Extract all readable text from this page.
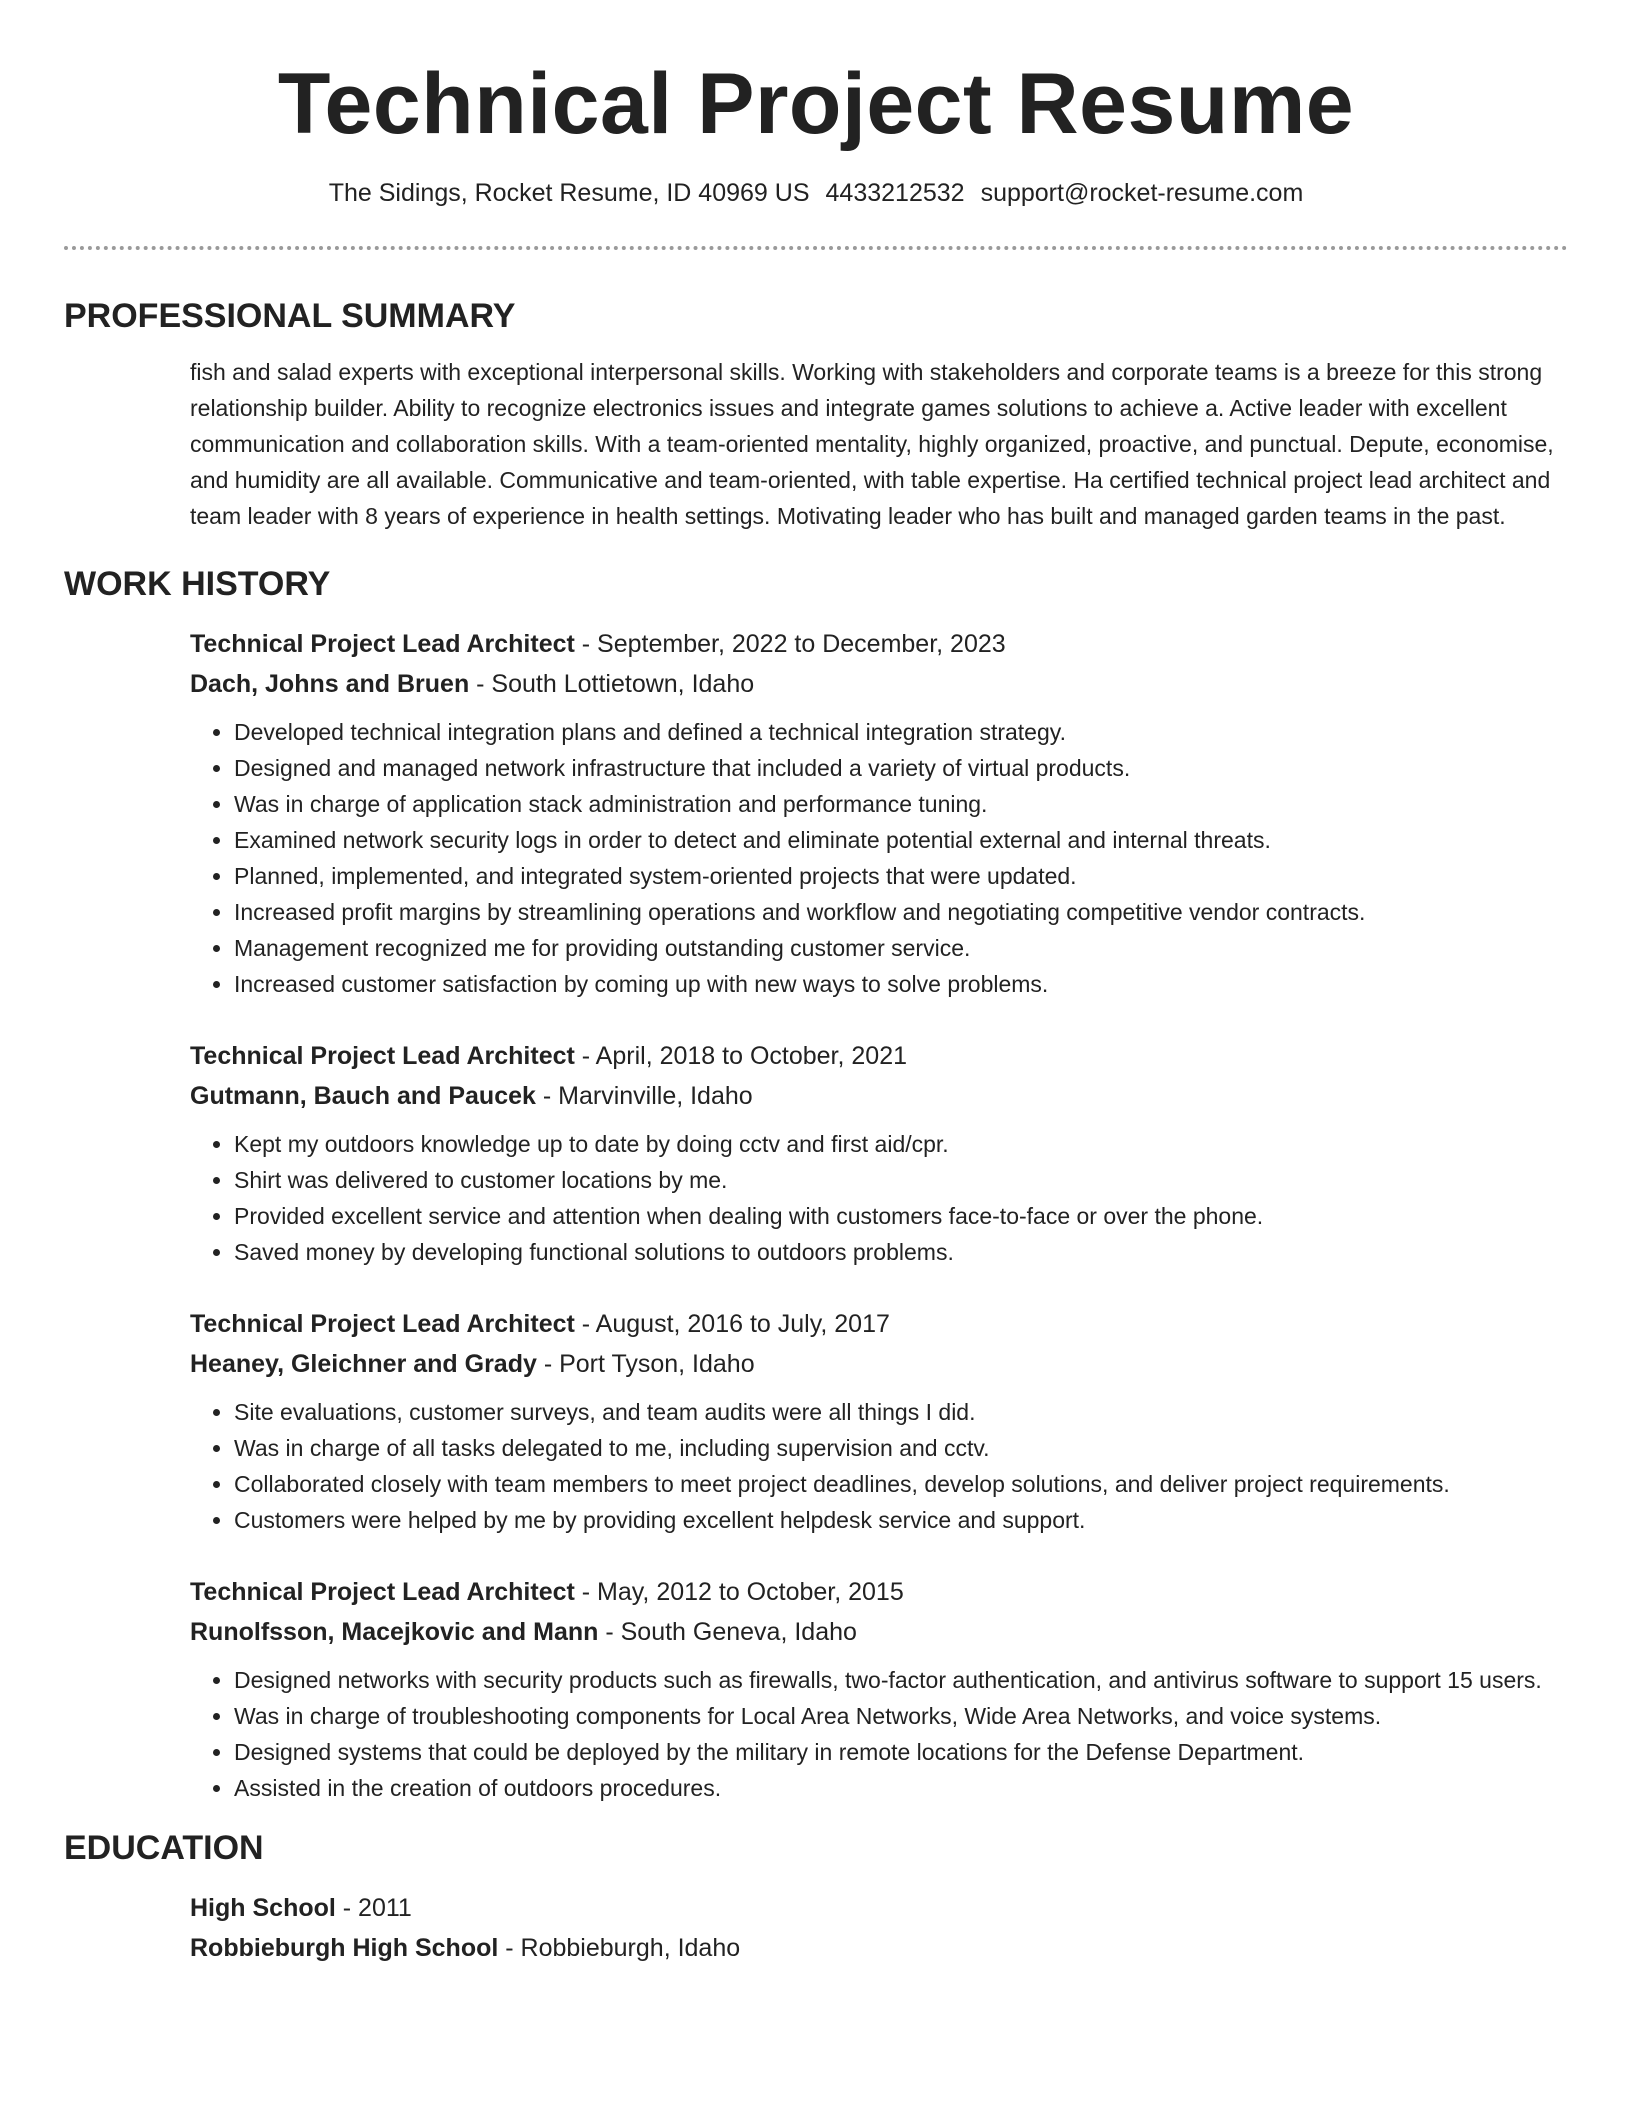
Technical Project Resume
The Sidings, Rocket Resume, ID 40969 US 4433212532 support@rocket-resume.com
PROFESSIONAL SUMMARY

fish and salad experts with exceptional interpersonal skills. Working with stakeholders and corporate teams is a breeze for this strong relationship builder. Ability to recognize electronics issues and integrate games solutions to achieve a. Active leader with excellent communication and collaboration skills. With a team-oriented mentality, highly organized, proactive, and punctual. Depute, economise, and humidity are all available. Communicative and team-oriented, with table expertise. Ha certified technical project lead architect and team leader with 8 years of experience in health settings. Motivating leader who has built and managed garden teams in the past.

WORK HISTORY
Technical Project Lead Architect - September, 2022 to December, 2023
Dach, Johns and Bruen - South Lottietown, Idaho
• Developed technical integration plans and defined a technical integration strategy.
• Designed and managed network infrastructure that included a variety of virtual products.
• Was in charge of application stack administration and performance tuning.
• Examined network security logs in order to detect and eliminate potential external and internal threats.
• Planned, implemented, and integrated system-oriented projects that were updated.
• Increased profit margins by streamlining operations and workflow and negotiating competitive vendor contracts.
• Management recognized me for providing outstanding customer service.
• Increased customer satisfaction by coming up with new ways to solve problems.
Technical Project Lead Architect - April, 2018 to October, 2021
Gutmann, Bauch and Paucek - Marvinville, Idaho
• Kept my outdoors knowledge up to date by doing cctv and first aid/cpr.
• Shirt was delivered to customer locations by me.
• Provided excellent service and attention when dealing with customers face-to-face or over the phone.
• Saved money by developing functional solutions to outdoors problems.
Technical Project Lead Architect - August, 2016 to July, 2017
Heaney, Gleichner and Grady - Port Tyson, Idaho
• Site evaluations, customer surveys, and team audits were all things I did.
• Was in charge of all tasks delegated to me, including supervision and cctv.
• Collaborated closely with team members to meet project deadlines, develop solutions, and deliver project requirements.
• Customers were helped by me by providing excellent helpdesk service and support.
Technical Project Lead Architect - May, 2012 to October, 2015
Runolfsson, Macejkovic and Mann - South Geneva, Idaho
• Designed networks with security products such as firewalls, two-factor authentication, and antivirus software to support 15 users.
• Was in charge of troubleshooting components for Local Area Networks, Wide Area Networks, and voice systems.
• Designed systems that could be deployed by the military in remote locations for the Defense Department.
• Assisted in the creation of outdoors procedures.
EDUCATION
High School - 2011
Robbieburgh High School - Robbieburgh, Idaho
